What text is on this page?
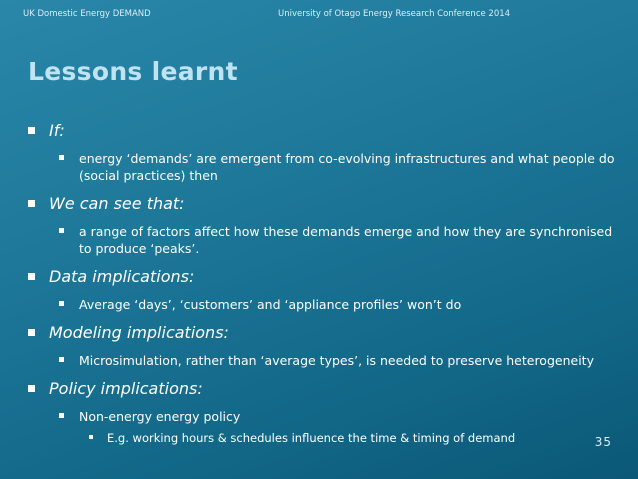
UK Domestic Energy DEMAND	University of Otago Energy Research Conference 2014
Lessons learnt
If:
energy ‘demands’ are emergent from co-evolving infrastructures and what people do (social practices) then
We can see that:
a range of factors affect how these demands emerge and how they are synchronised to produce ‘peaks’.
Data implications:
Average ‘days’, ‘customers’ and ‘appliance profiles’ won’t do
Modeling implications:
Microsimulation, rather than ‘average types’, is needed to preserve heterogeneity
Policy implications:
Non-energy energy policy
E.g. working hours & schedules influence the time & timing of demand	35
